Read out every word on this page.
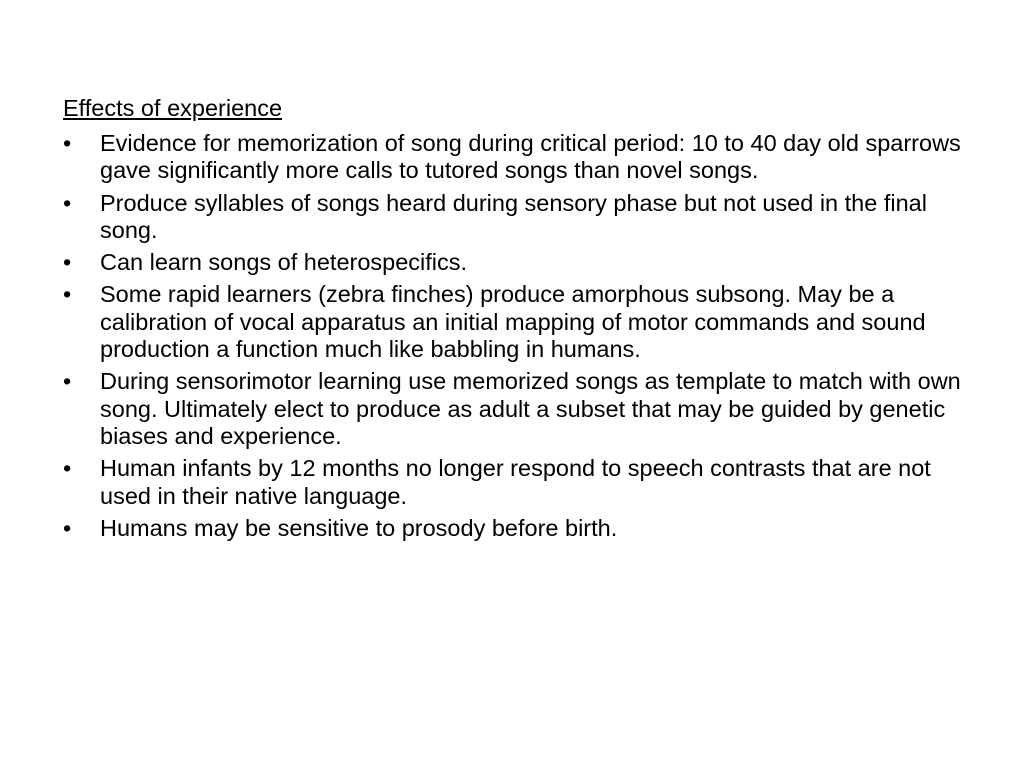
Effects of experience
•	Evidence for memorization of song during critical period: 10 to 40 day old sparrows gave significantly more calls to tutored songs than novel songs.
•	Produce syllables of songs heard during sensory phase but not used in the final song.
•	Can learn songs of heterospecifics.
•	Some rapid learners (zebra finches) produce amorphous subsong. May be a calibration of vocal apparatus an initial mapping of motor commands and sound production a function much like babbling in humans.
•	During sensorimotor learning use memorized songs as template to match with own song. Ultimately elect to produce as adult a subset that may be guided by genetic biases and experience.
•	Human infants by 12 months no longer respond to speech contrasts that are not used in their native language.
•	Humans may be sensitive to prosody before birth.
